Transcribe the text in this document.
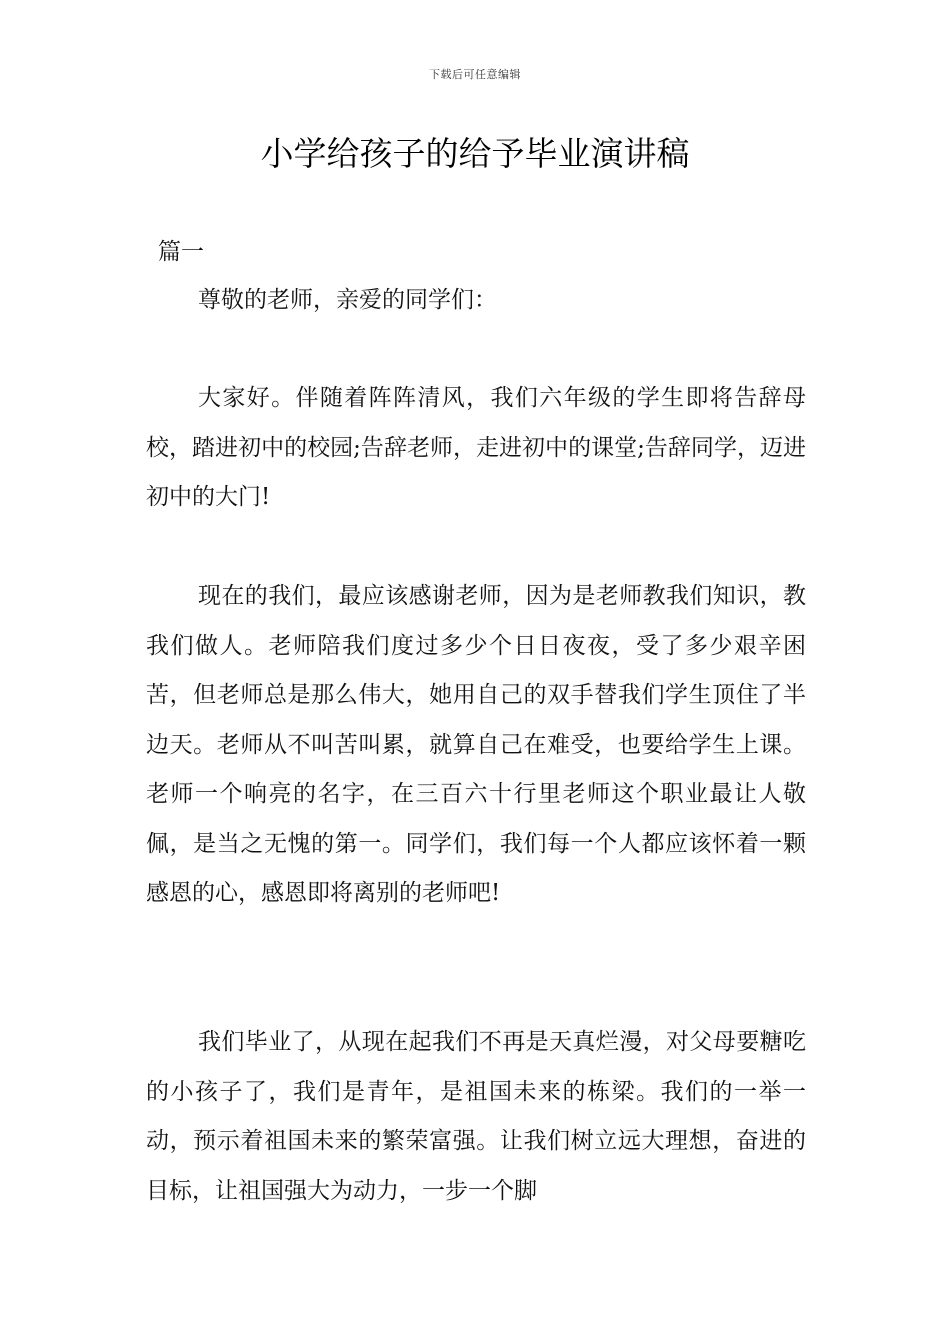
下载后可任意编辑
小学给孩子的给予毕业演讲稿

篇一

尊敬的老师，亲爱的同学们：

大家好。伴随着阵阵清风，我们六年级的学生即将告辞母校，踏进初中的校园;告辞老师，走进初中的课堂;告辞同学，迈进初中的大门!

现在的我们，最应该感谢老师，因为是老师教我们知识，教我们做人。老师陪我们度过多少个日日夜夜，受了多少艰辛困苦，但老师总是那么伟大，她用自己的双手替我们学生顶住了半边天。老师从不叫苦叫累，就算自己在难受，也要给学生上课。老师一个响亮的名字，在三百六十行里老师这个职业最让人敬佩，是当之无愧的第一。同学们，我们每一个人都应该怀着一颗感恩的心，感恩即将离别的老师吧!

我们毕业了，从现在起我们不再是天真烂漫，对父母要糖吃的小孩子了，我们是青年，是祖国未来的栋梁。我们的一举一动，预示着祖国未来的繁荣富强。让我们树立远大理想，奋进的目标，让祖国强大为动力，一步一个脚
